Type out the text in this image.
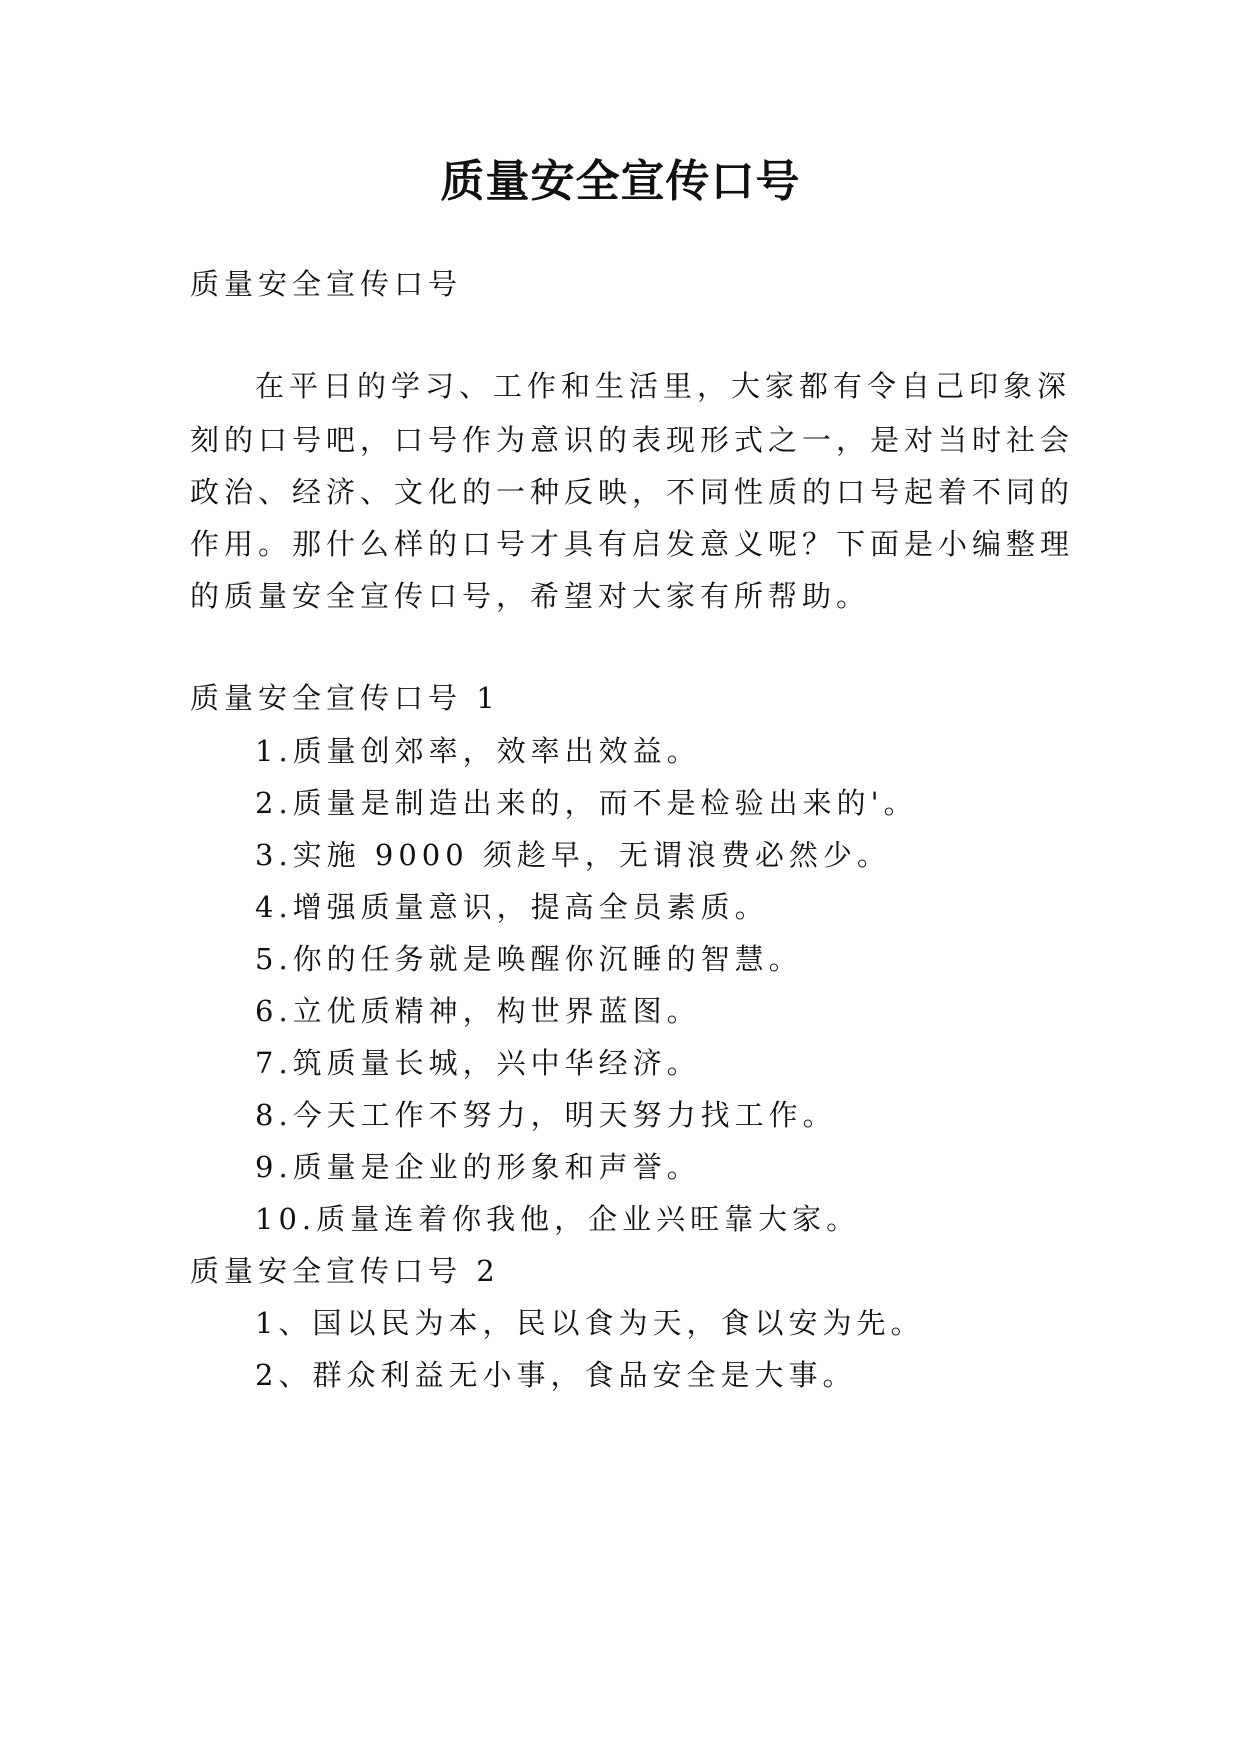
质量安全宣传口号
质量安全宣传口号
在平日的学习、工作和生活里，大家都有令自己印象深
刻的口号吧，口号作为意识的表现形式之一，是对当时社会
政治、经济、文化的一种反映，不同性质的口号起着不同的
作用。那什么样的口号才具有启发意义呢？下面是小编整理
的质量安全宣传口号，希望对大家有所帮助。
质量安全宣传口号 1
1.质量创郊率，效率出效益。
2.质量是制造出来的，而不是检验出来的'。
3.实施 9000 须趁早，无谓浪费必然少。
4.增强质量意识，提高全员素质。
5.你的任务就是唤醒你沉睡的智慧。
6.立优质精神，构世界蓝图。
7.筑质量长城，兴中华经济。
8.今天工作不努力，明天努力找工作。
9.质量是企业的形象和声誉。
10.质量连着你我他，企业兴旺靠大家。
质量安全宣传口号 2
1、国以民为本，民以食为天，食以安为先。
2、群众利益无小事，食品安全是大事。
